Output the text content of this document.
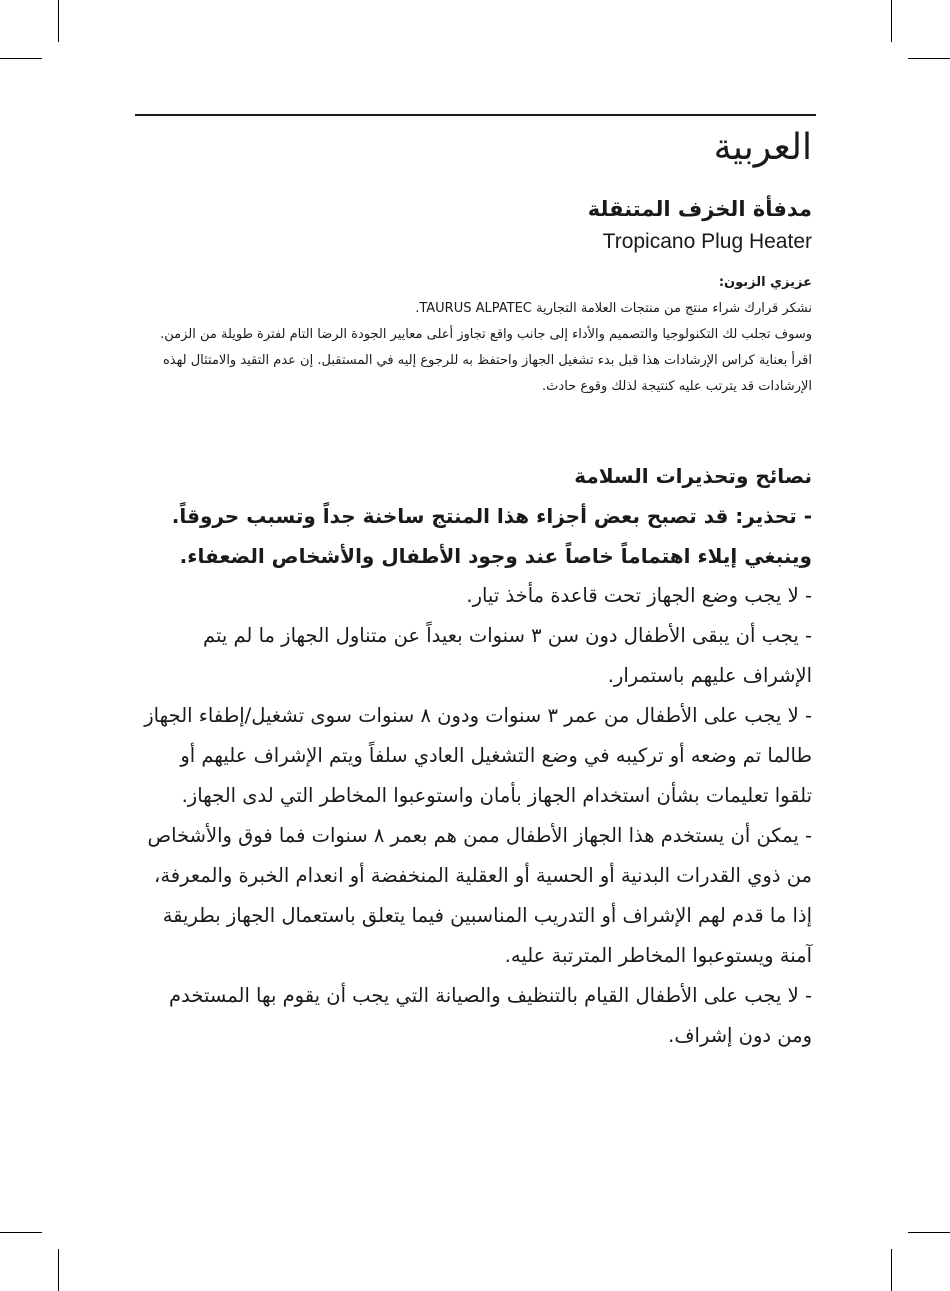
العربية
مدفأة الخزف المتنقلة
Tropicano Plug Heater

عزيزي الزبون:

نشكر قرارك شراء منتج من منتجات العلامة التجارية TAURUS ALPATEC.

وسوف تجلب لك التكنولوجيا والتصميم والأداء إلى جانب واقع تجاوز أعلى معايير الجودة الرضا التام لفترة طويلة من الزمن.

اقرأ بعناية كراس الإرشادات هذا قبل بدء تشغيل الجهاز واحتفظ به للرجوع إليه في المستقبل. إن عدم التقيد والامتثال لهذه الإرشادات قد يترتب عليه كنتيجة لذلك وقوع حادث.

نصائح وتحذيرات السلامة

- تحذير: قد تصبح بعض أجزاء هذا المنتج ساخنة جداً وتسبب حروقاً. وينبغي إيلاء اهتماماً خاصاً عند وجود الأطفال والأشخاص الضعفاء.

- لا يجب وضع الجهاز تحت قاعدة مأخذ تيار.

- يجب أن يبقى الأطفال دون سن ٣ سنوات بعيداً عن متناول الجهاز ما لم يتم الإشراف عليهم باستمرار.

- لا يجب على الأطفال من عمر ٣ سنوات ودون ٨ سنوات سوى تشغيل/إطفاء الجهاز طالما تم وضعه أو تركيبه في وضع التشغيل العادي سلفاً ويتم الإشراف عليهم أو تلقوا تعليمات بشأن استخدام الجهاز بأمان واستوعبوا المخاطر التي لدى الجهاز.

- يمكن أن يستخدم هذا الجهاز الأطفال ممن هم بعمر ٨ سنوات فما فوق والأشخاص من ذوي القدرات البدنية أو الحسية أو العقلية المنخفضة أو انعدام الخبرة والمعرفة، إذا ما قدم لهم الإشراف أو التدريب المناسبين فيما يتعلق باستعمال الجهاز بطريقة آمنة ويستوعبوا المخاطر المترتبة عليه.

- لا يجب على الأطفال القيام بالتنظيف والصيانة التي يجب أن يقوم بها المستخدم ومن دون إشراف.
